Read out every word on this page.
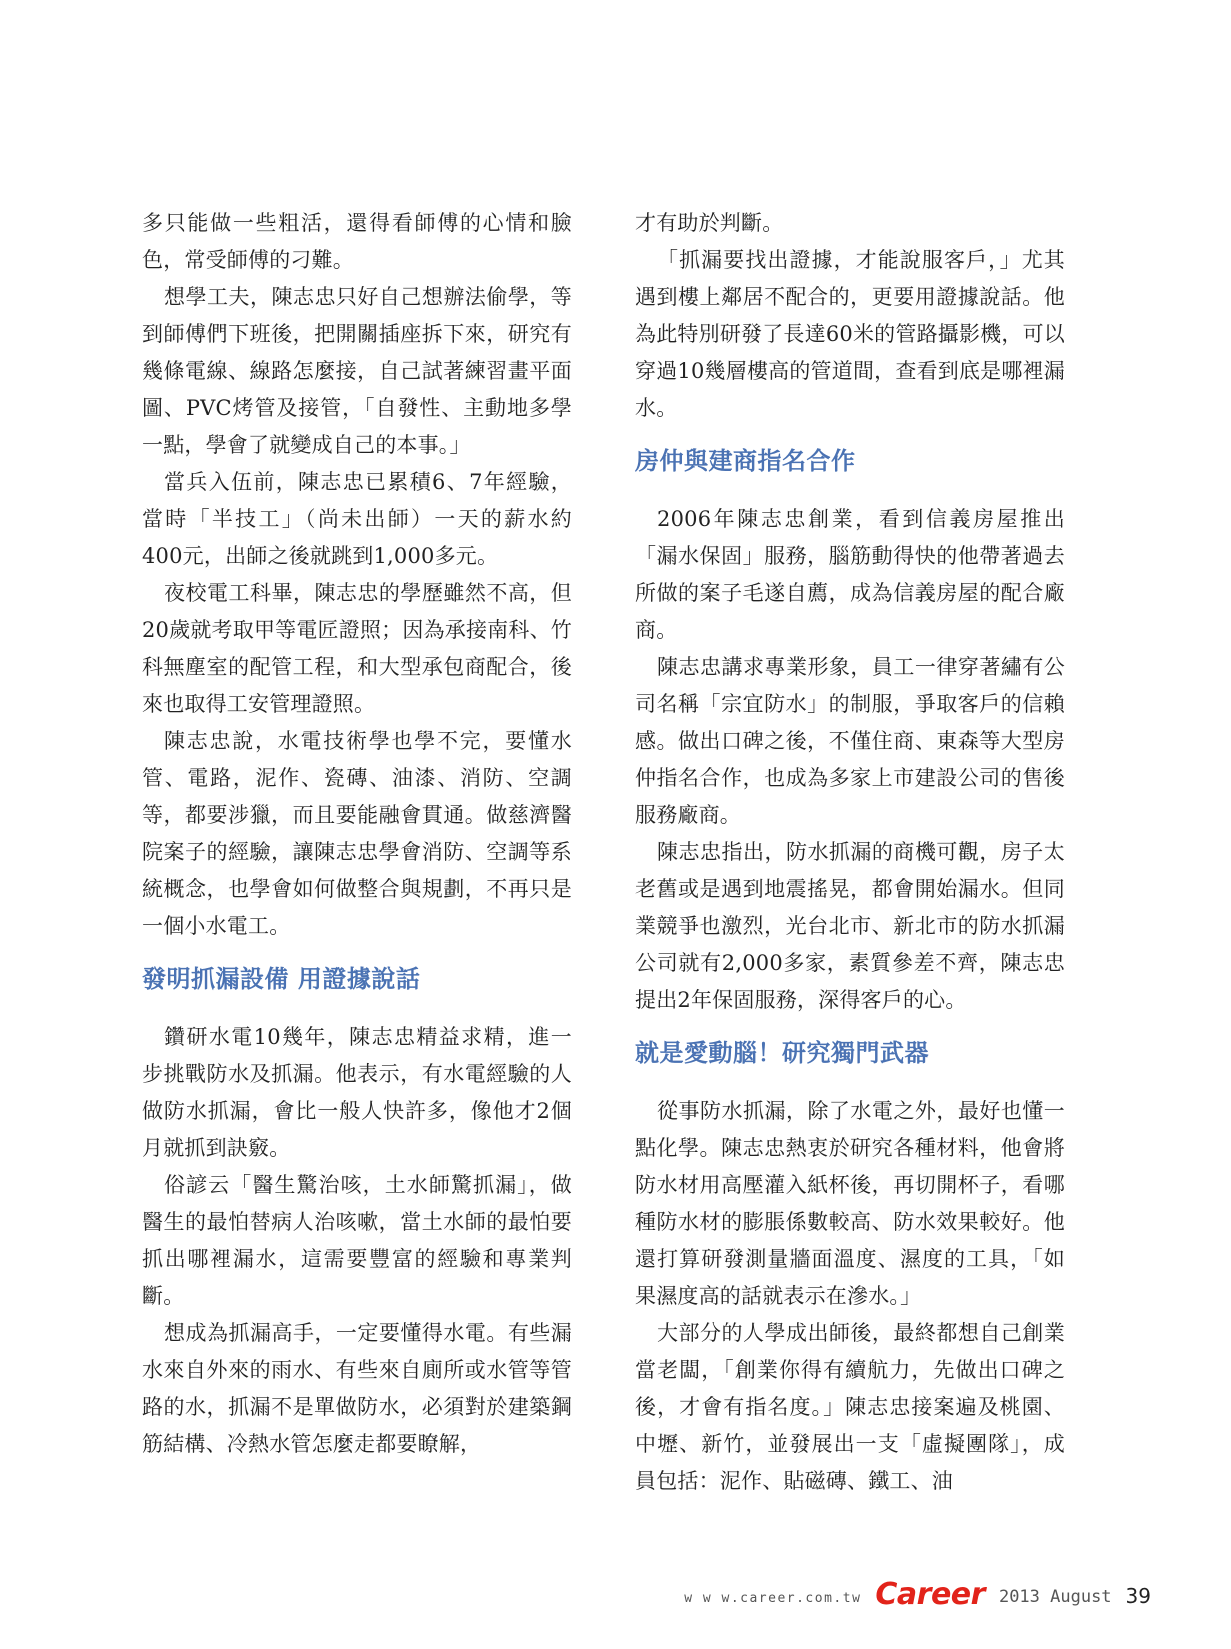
多只能做一些粗活，還得看師傅的心情和臉色，常受師傅的刁難。

想學工夫，陳志忠只好自己想辦法偷學，等到師傅們下班後，把開關插座拆下來，研究有幾條電線、線路怎麼接，自己試著練習畫平面圖、PVC烤管及接管，「自發性、主動地多學一點，學會了就變成自己的本事。」

當兵入伍前，陳志忠已累積6、7年經驗，當時「半技工」（尚未出師）一天的薪水約400元，出師之後就跳到1,000多元。

夜校電工科畢，陳志忠的學歷雖然不高，但20歲就考取甲等電匠證照；因為承接南科、竹科無塵室的配管工程，和大型承包商配合，後來也取得工安管理證照。

陳志忠說，水電技術學也學不完，要懂水管、電路，泥作、瓷磚、油漆、消防、空調等，都要涉獵，而且要能融會貫通。做慈濟醫院案子的經驗，讓陳志忠學會消防、空調等系統概念，也學會如何做整合與規劃，不再只是一個小水電工。

發明抓漏設備 用證據說話

鑽研水電10幾年，陳志忠精益求精，進一步挑戰防水及抓漏。他表示，有水電經驗的人做防水抓漏，會比一般人快許多，像他才2個月就抓到訣竅。

俗諺云「醫生驚治咳，土水師驚抓漏」，做醫生的最怕替病人治咳嗽，當土水師的最怕要抓出哪裡漏水，這需要豐富的經驗和專業判斷。

想成為抓漏高手，一定要懂得水電。有些漏水來自外來的雨水、有些來自廁所或水管等管路的水，抓漏不是單做防水，必須對於建築鋼筋結構、冷熱水管怎麼走都要瞭解，

才有助於判斷。

「抓漏要找出證據，才能說服客戶，」尤其遇到樓上鄰居不配合的，更要用證據說話。他為此特別研發了長達60米的管路攝影機，可以穿過10幾層樓高的管道間，查看到底是哪裡漏水。

房仲與建商指名合作

2006年陳志忠創業，看到信義房屋推出「漏水保固」服務，腦筋動得快的他帶著過去所做的案子毛遂自薦，成為信義房屋的配合廠商。

陳志忠講求專業形象，員工一律穿著繡有公司名稱「宗宜防水」的制服，爭取客戶的信賴感。做出口碑之後，不僅住商、東森等大型房仲指名合作，也成為多家上市建設公司的售後服務廠商。

陳志忠指出，防水抓漏的商機可觀，房子太老舊或是遇到地震搖晃，都會開始漏水。但同業競爭也激烈，光台北市、新北市的防水抓漏公司就有2,000多家，素質參差不齊，陳志忠提出2年保固服務，深得客戶的心。

就是愛動腦！研究獨門武器

從事防水抓漏，除了水電之外，最好也懂一點化學。陳志忠熱衷於研究各種材料，他會將防水材用高壓灌入紙杯後，再切開杯子，看哪種防水材的膨脹係數較高、防水效果較好。他還打算研發測量牆面溫度、濕度的工具，「如果濕度高的話就表示在滲水。」

大部分的人學成出師後，最終都想自己創業當老闆，「創業你得有續航力，先做出口碑之後，才會有指名度。」陳志忠接案遍及桃園、中壢、新竹，並發展出一支「虛擬團隊」，成員包括：泥作、貼磁磚、鐵工、油

w w w.career.com.tw Career 2013 August 39
